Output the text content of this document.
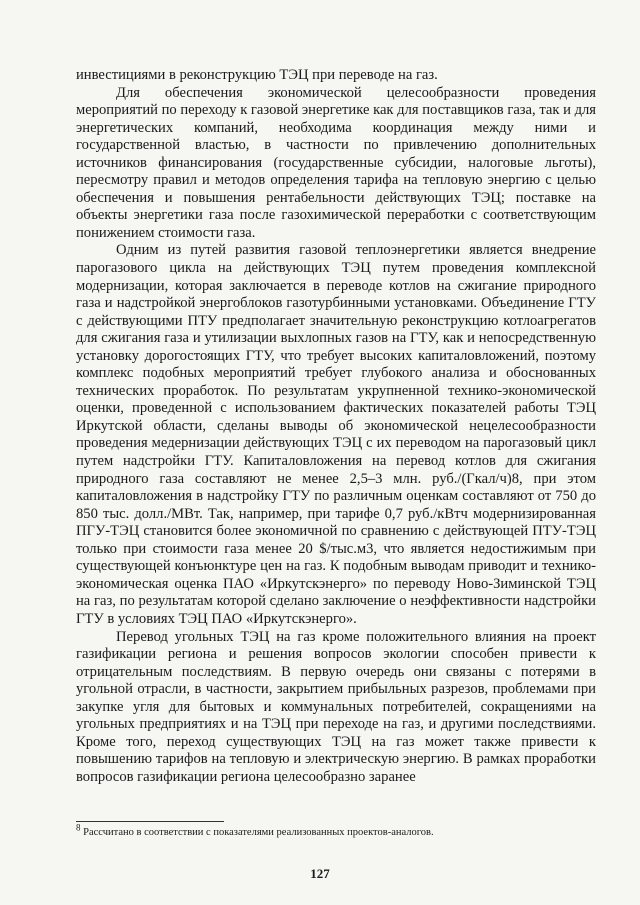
инвестициями в реконструкцию ТЭЦ при переводе на газ.

Для обеспечения экономической целесообразности проведения мероприятий по переходу к газовой энергетике как для поставщиков газа, так и для энергетических компаний, необходима координация между ними и государственной властью, в частности по привлечению дополнительных источников финансирования (государственные субсидии, налоговые льготы), пересмотру правил и методов определения тарифа на тепловую энергию с целью обеспечения и повышения рентабельности действующих ТЭЦ; поставке на объекты энергетики газа после газохимической переработки с соответствующим понижением стоимости газа.

Одним из путей развития газовой теплоэнергетики является внедрение парогазового цикла на действующих ТЭЦ путем проведения комплексной модернизации, которая заключается в переводе котлов на сжигание природного газа и надстройкой энергоблоков газотурбинными установками. Объединение ГТУ с действующими ПТУ предполагает значительную реконструкцию котлоагрегатов для сжигания газа и утилизации выхлопных газов на ГТУ, как и непосредственную установку дорогостоящих ГТУ, что требует высоких капиталовложений, поэтому комплекс подобных мероприятий требует глубокого анализа и обоснованных технических проработок. По результатам укрупненной технико-экономической оценки, проведенной с использованием фактических показателей работы ТЭЦ Иркутской области, сделаны выводы об экономической нецелесообразности проведения медернизации действующих ТЭЦ с их переводом на парогазовый цикл путем надстройки ГТУ. Капиталовложения на перевод котлов для сжигания природного газа составляют не менее 2,5–3 млн. руб./(Гкал/ч)8, при этом капиталовложения в надстройку ГТУ по различным оценкам составляют от 750 до 850 тыс. долл./МВт. Так, например, при тарифе 0,7 руб./кВтч модернизированная ПГУ-ТЭЦ становится более экономичной по сравнению с действующей ПТУ-ТЭЦ только при стоимости газа менее 20 $/тыс.м3, что является недостижимым при существующей конъюнктуре цен на газ. К подобным выводам приводит и технико-экономическая оценка ПАО «Иркутскэнерго» по переводу Ново-Зиминской ТЭЦ на газ, по результатам которой сделано заключение о неэффективности надстройки ГТУ в условиях ТЭЦ ПАО «Иркутскэнерго».

Перевод угольных ТЭЦ на газ кроме положительного влияния на проект газификации региона и решения вопросов экологии способен привести к отрицательным последствиям. В первую очередь они связаны с потерями в угольной отрасли, в частности, закрытием прибыльных разрезов, проблемами при закупке угля для бытовых и коммунальных потребителей, сокращениями на угольных предприятиях и на ТЭЦ при переходе на газ, и другими последствиями. Кроме того, переход существующих ТЭЦ на газ может также привести к повышению тарифов на тепловую и электрическую энергию. В рамках проработки вопросов газификации региона целесообразно заранее

8 Рассчитано в соответствии с показателями реализованных проектов-аналогов.

127
